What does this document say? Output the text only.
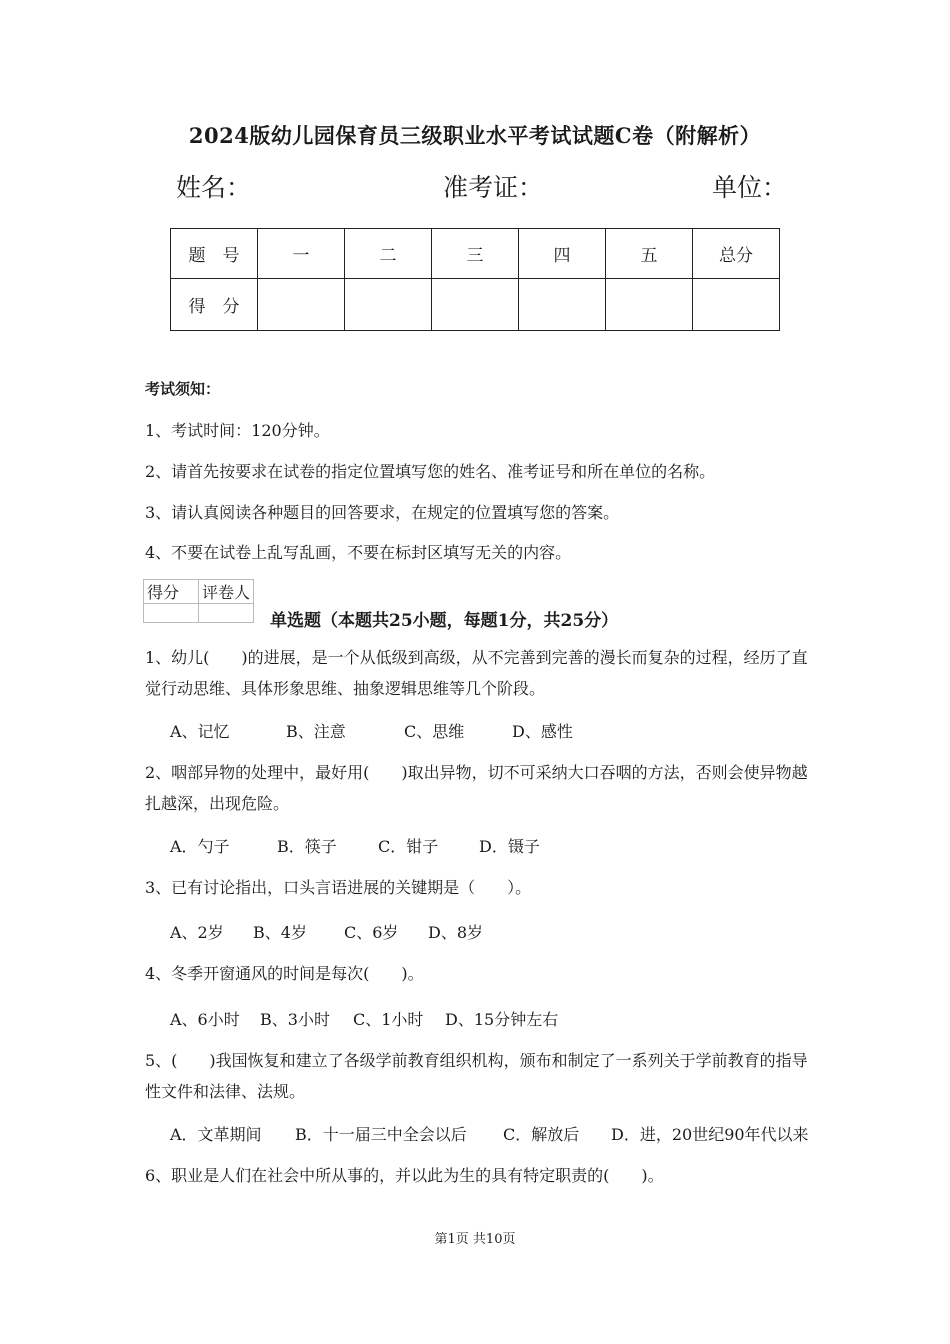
2024版幼儿园保育员三级职业水平考试试题C卷（附解析）
姓名：	准考证：	单位：
题　号	一	二	三	四	五	总分
得　分						
考试须知：
1、考试时间：120分钟。
2、请首先按要求在试卷的指定位置填写您的姓名、准考证号和所在单位的名称。
3、请认真阅读各种题目的回答要求，在规定的位置填写您的答案。
4、不要在试卷上乱写乱画，不要在标封区填写无关的内容。
得分	评卷人

单选题（本题共25小题，每题1分，共25分）
1、幼儿(　　)的进展，是一个从低级到高级，从不完善到完善的漫长而复杂的过程，经历了直觉行动思维、具体形象思维、抽象逻辑思维等几个阶段。
A、记忆	B、注意	C、思维	D、感性
2、咽部异物的处理中，最好用(　　)取出异物，切不可采纳大口吞咽的方法，否则会使异物越扎越深，出现危险。
A．勺子	B．筷子	C．钳子	D．镊子
3、已有讨论指出，口头言语进展的关键期是（　　）。
A、2岁 B、4岁 C、6岁 D、8岁
4、冬季开窗通风的时间是每次(　　)。
A、6小时 B、3小时 C、1小时 D、15分钟左右
5、(　　)我国恢复和建立了各级学前教育组织机构，颁布和制定了一系列关于学前教育的指导性文件和法律、法规。
A．文革期间 B．十一届三中全会以后 C．解放后 D．进，20世纪90年代以来
6、职业是人们在社会中所从事的，并以此为生的具有特定职责的(　　)。
第1页 共10页
